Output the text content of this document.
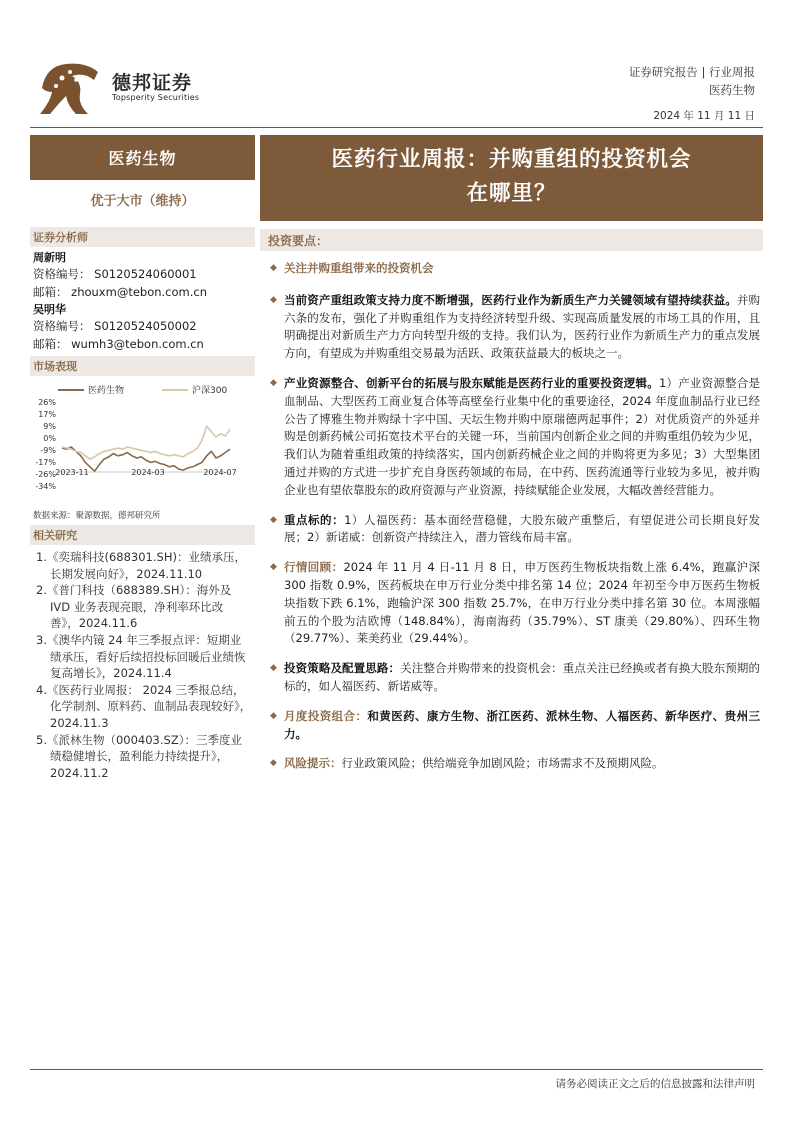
德邦证券
Topsperity Securities
证券研究报告 | 行业周报
医药生物
2024 年 11 月 11 日
医药生物
优于大市（维持）
证券分析师
周新明
资格编号： S0120524060001
邮箱： zhouxm@tebon.com.cn
吴明华
资格编号： S0120524050002
邮箱： wumh3@tebon.com.cn
市场表现
医药生物	沪深300
26%
17%
9%
0%
-9%
-17%
-26%
-34%
2023-11	2024-03	2024-07
数据来源：聚源数据，德邦研究所
相关研究
1.《奕瑞科技(688301.SH)：业绩承压，长期发展向好》，2024.11.10
2.《普门科技（688389.SH）：海外及 IVD 业务表现亮眼，净利率环比改善》，2024.11.6
3.《澳华内镜 24 年三季报点评：短期业绩承压，看好后续招投标回暖后业绩恢复高增长》，2024.11.4
4.《医药行业周报： 2024 三季报总结，化学制剂、原料药、血制品表现较好》，2024.11.3
5.《派林生物（000403.SZ）：三季度业绩稳健增长，盈利能力持续提升》，2024.11.2
医药行业周报：并购重组的投资机会
在哪里？
投资要点：
◆ 关注并购重组带来的投资机会
◆ 当前资产重组政策支持力度不断增强，医药行业作为新质生产力关键领域有望持续获益。并购六条的发布，强化了并购重组作为支持经济转型升级、实现高质量发展的市场工具的作用，且明确提出对新质生产力方向转型升级的支持。我们认为，医药行业作为新质生产力的重点发展方向，有望成为并购重组交易最为活跃、政策获益最大的板块之一。
◆ 产业资源整合、创新平台的拓展与股东赋能是医药行业的重要投资逻辑。1）产业资源整合是血制品、大型医药工商业复合体等高壁垒行业集中化的重要途径，2024 年度血制品行业已经公告了博雅生物并购绿十字中国、天坛生物并购中原瑞德两起事件；2）对优质资产的外延并购是创新药械公司拓宽技术平台的关键一环，当前国内创新企业之间的并购重组仍较为少见，我们认为随着重组政策的持续落实，国内创新药械企业之间的并购将更为多见；3）大型集团通过并购的方式进一步扩充自身医药领域的布局，在中药、医药流通等行业较为多见，被并购企业也有望依靠股东的政府资源与产业资源，持续赋能企业发展，大幅改善经营能力。
◆ 重点标的：1）人福医药：基本面经营稳健，大股东破产重整后，有望促进公司长期良好发展；2）新诺威：创新资产持续注入，潜力管线布局丰富。
◆ 行情回顾：2024 年 11 月 4 日-11 月 8 日，申万医药生物板块指数上涨 6.4%，跑赢沪深 300 指数 0.9%，医药板块在申万行业分类中排名第 14 位；2024 年初至今申万医药生物板块指数下跌 6.1%，跑输沪深 300 指数 25.7%，在申万行业分类中排名第 30 位。本周涨幅前五的个股为洁欧博（148.84%），海南海药（35.79%）、ST 康美（29.80%）、四环生物（29.77%）、莱美药业（29.44%）。
◆ 投资策略及配置思路：关注整合并购带来的投资机会：重点关注已经换或者有换大股东预期的标的，如人福医药、新诺威等。
◆ 月度投资组合：和黄医药、康方生物、浙江医药、派林生物、人福医药、新华医疗、贵州三力。
◆ 风险提示：行业政策风险；供给端竞争加剧风险；市场需求不及预期风险。
请务必阅读正文之后的信息披露和法律声明
